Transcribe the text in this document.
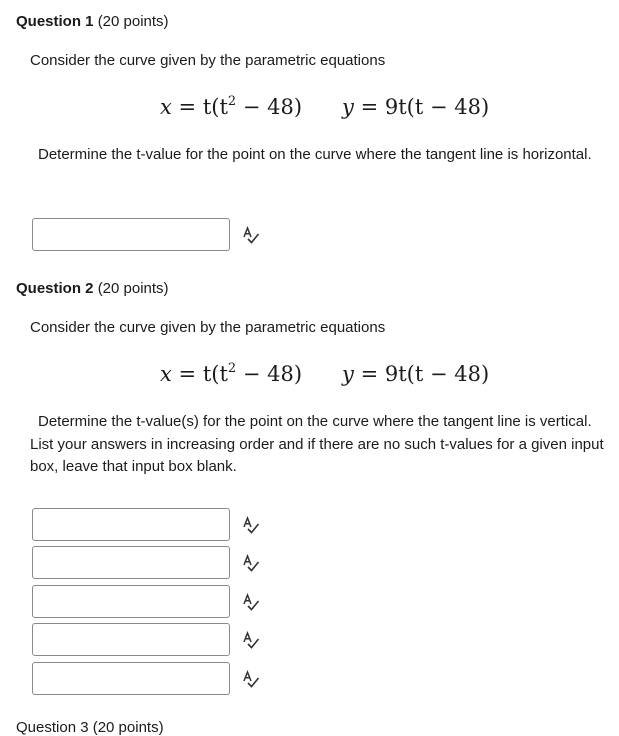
Question 1 (20 points)
Consider the curve given by the parametric equations
$x = t(t^2 - 48) y = 9t(t - 48)$
Determine the t-value for the point on the curve where the tangent line is horizontal.
Question 2 (20 points)
Consider the curve given by the parametric equations
$x = t(t^2 - 48) y = 9t(t - 48)$
Determine the t-value(s) for the point on the curve where the tangent line is vertical. List your answers in increasing order and if there are no such t-values for a given input box, leave that input box blank.
Question 3 (20 points)
